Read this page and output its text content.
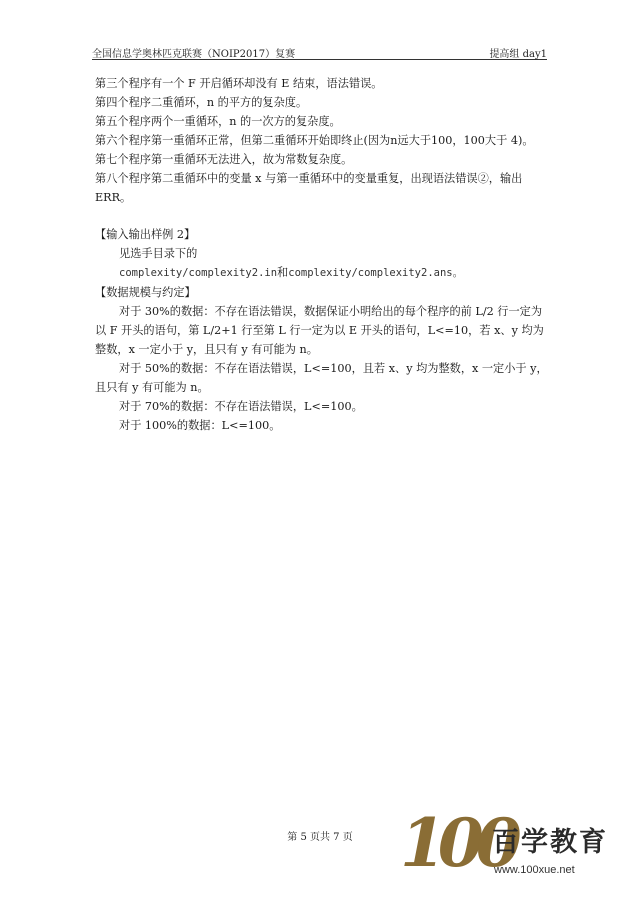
全国信息学奥林匹克联赛（NOIP2017）复赛	提高组 day1

第三个程序有一个 F 开启循环却没有 E 结束，语法错误。

第四个程序二重循环，n 的平方的复杂度。

第五个程序两个一重循环，n 的一次方的复杂度。

第六个程序第一重循环正常，但第二重循环开始即终止(因为n远大于100，100大于 4)。

第七个程序第一重循环无法进入，故为常数复杂度。

第八个程序第二重循环中的变量 x 与第一重循环中的变量重复，出现语法错误②，输出 ERR。

【输入输出样例 2】

见选手目录下的

complexity/complexity2.in和complexity/complexity2.ans。

【数据规模与约定】

对于 30%的数据：不存在语法错误，数据保证小明给出的每个程序的前 L/2 行一定为以 F 开头的语句，第 L/2+1 行至第 L 行一定为以 E 开头的语句，L<=10，若 x、y 均为整数，x 一定小于 y，且只有 y 有可能为 n。

对于 50%的数据：不存在语法错误，L<=100，且若 x、y 均为整数，x 一定小于 y，且只有 y 有可能为 n。

对于 70%的数据：不存在语法错误，L<=100。

对于 100%的数据：L<=100。

第 5 页共 7 页 100
百学教育
www.100xue.net
